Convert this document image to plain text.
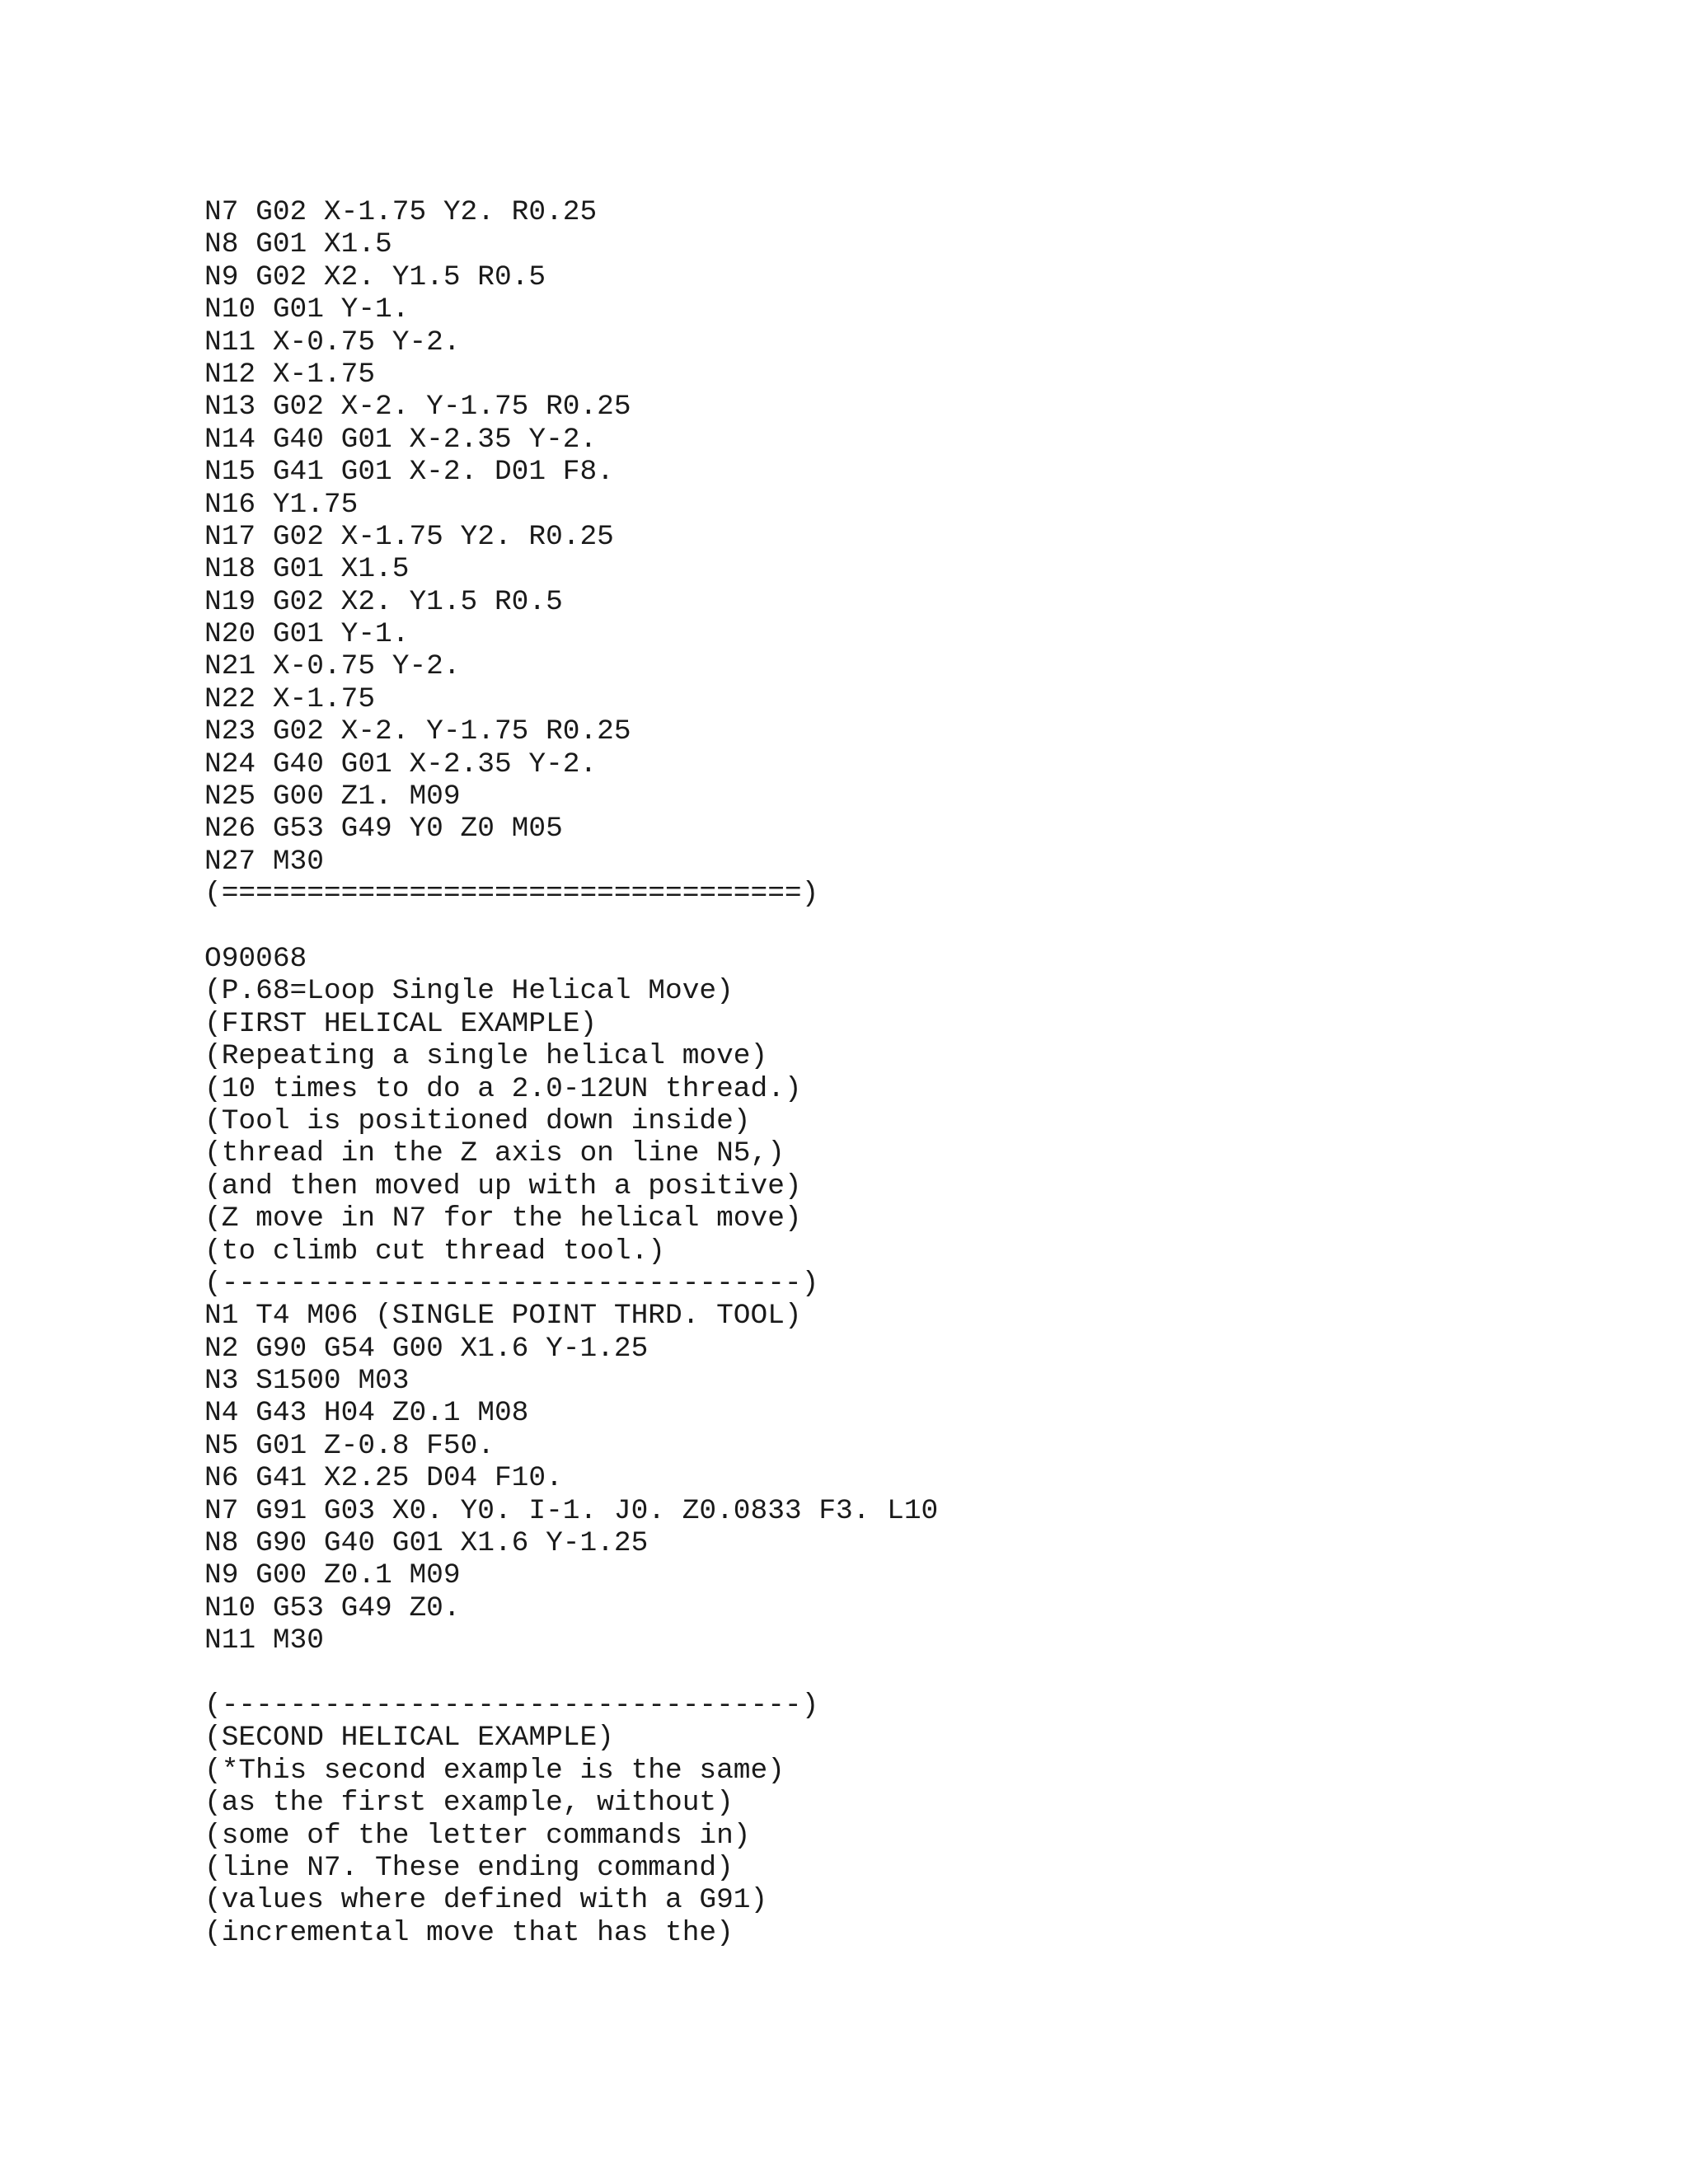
N7 G02 X-1.75 Y2. R0.25
N8 G01 X1.5
N9 G02 X2. Y1.5 R0.5
N10 G01 Y-1.
N11 X-0.75 Y-2.
N12 X-1.75
N13 G02 X-2. Y-1.75 R0.25
N14 G40 G01 X-2.35 Y-2.
N15 G41 G01 X-2. D01 F8.
N16 Y1.75
N17 G02 X-1.75 Y2. R0.25
N18 G01 X1.5
N19 G02 X2. Y1.5 R0.5
N20 G01 Y-1.
N21 X-0.75 Y-2.
N22 X-1.75
N23 G02 X-2. Y-1.75 R0.25
N24 G40 G01 X-2.35 Y-2.
N25 G00 Z1. M09
N26 G53 G49 Y0 Z0 M05
N27 M30
(==================================)
O90068
(P.68=Loop Single Helical Move)
(FIRST HELICAL EXAMPLE)
(Repeating a single helical move)
(10 times to do a 2.0-12UN thread.)
(Tool is positioned down inside)
(thread in the Z axis on line N5,)
(and then moved up with a positive)
(Z move in N7 for the helical move)
(to climb cut thread tool.)
(----------------------------------)
N1 T4 M06 (SINGLE POINT THRD. TOOL)
N2 G90 G54 G00 X1.6 Y-1.25
N3 S1500 M03
N4 G43 H04 Z0.1 M08
N5 G01 Z-0.8 F50.
N6 G41 X2.25 D04 F10.
N7 G91 G03 X0. Y0. I-1. J0. Z0.0833 F3. L10
N8 G90 G40 G01 X1.6 Y-1.25
N9 G00 Z0.1 M09
N10 G53 G49 Z0.
N11 M30
(----------------------------------)
(SECOND HELICAL EXAMPLE)
(*This second example is the same)
(as the first example, without)
(some of the letter commands in)
(line N7. These ending command)
(values where defined with a G91)
(incremental move that has the)
